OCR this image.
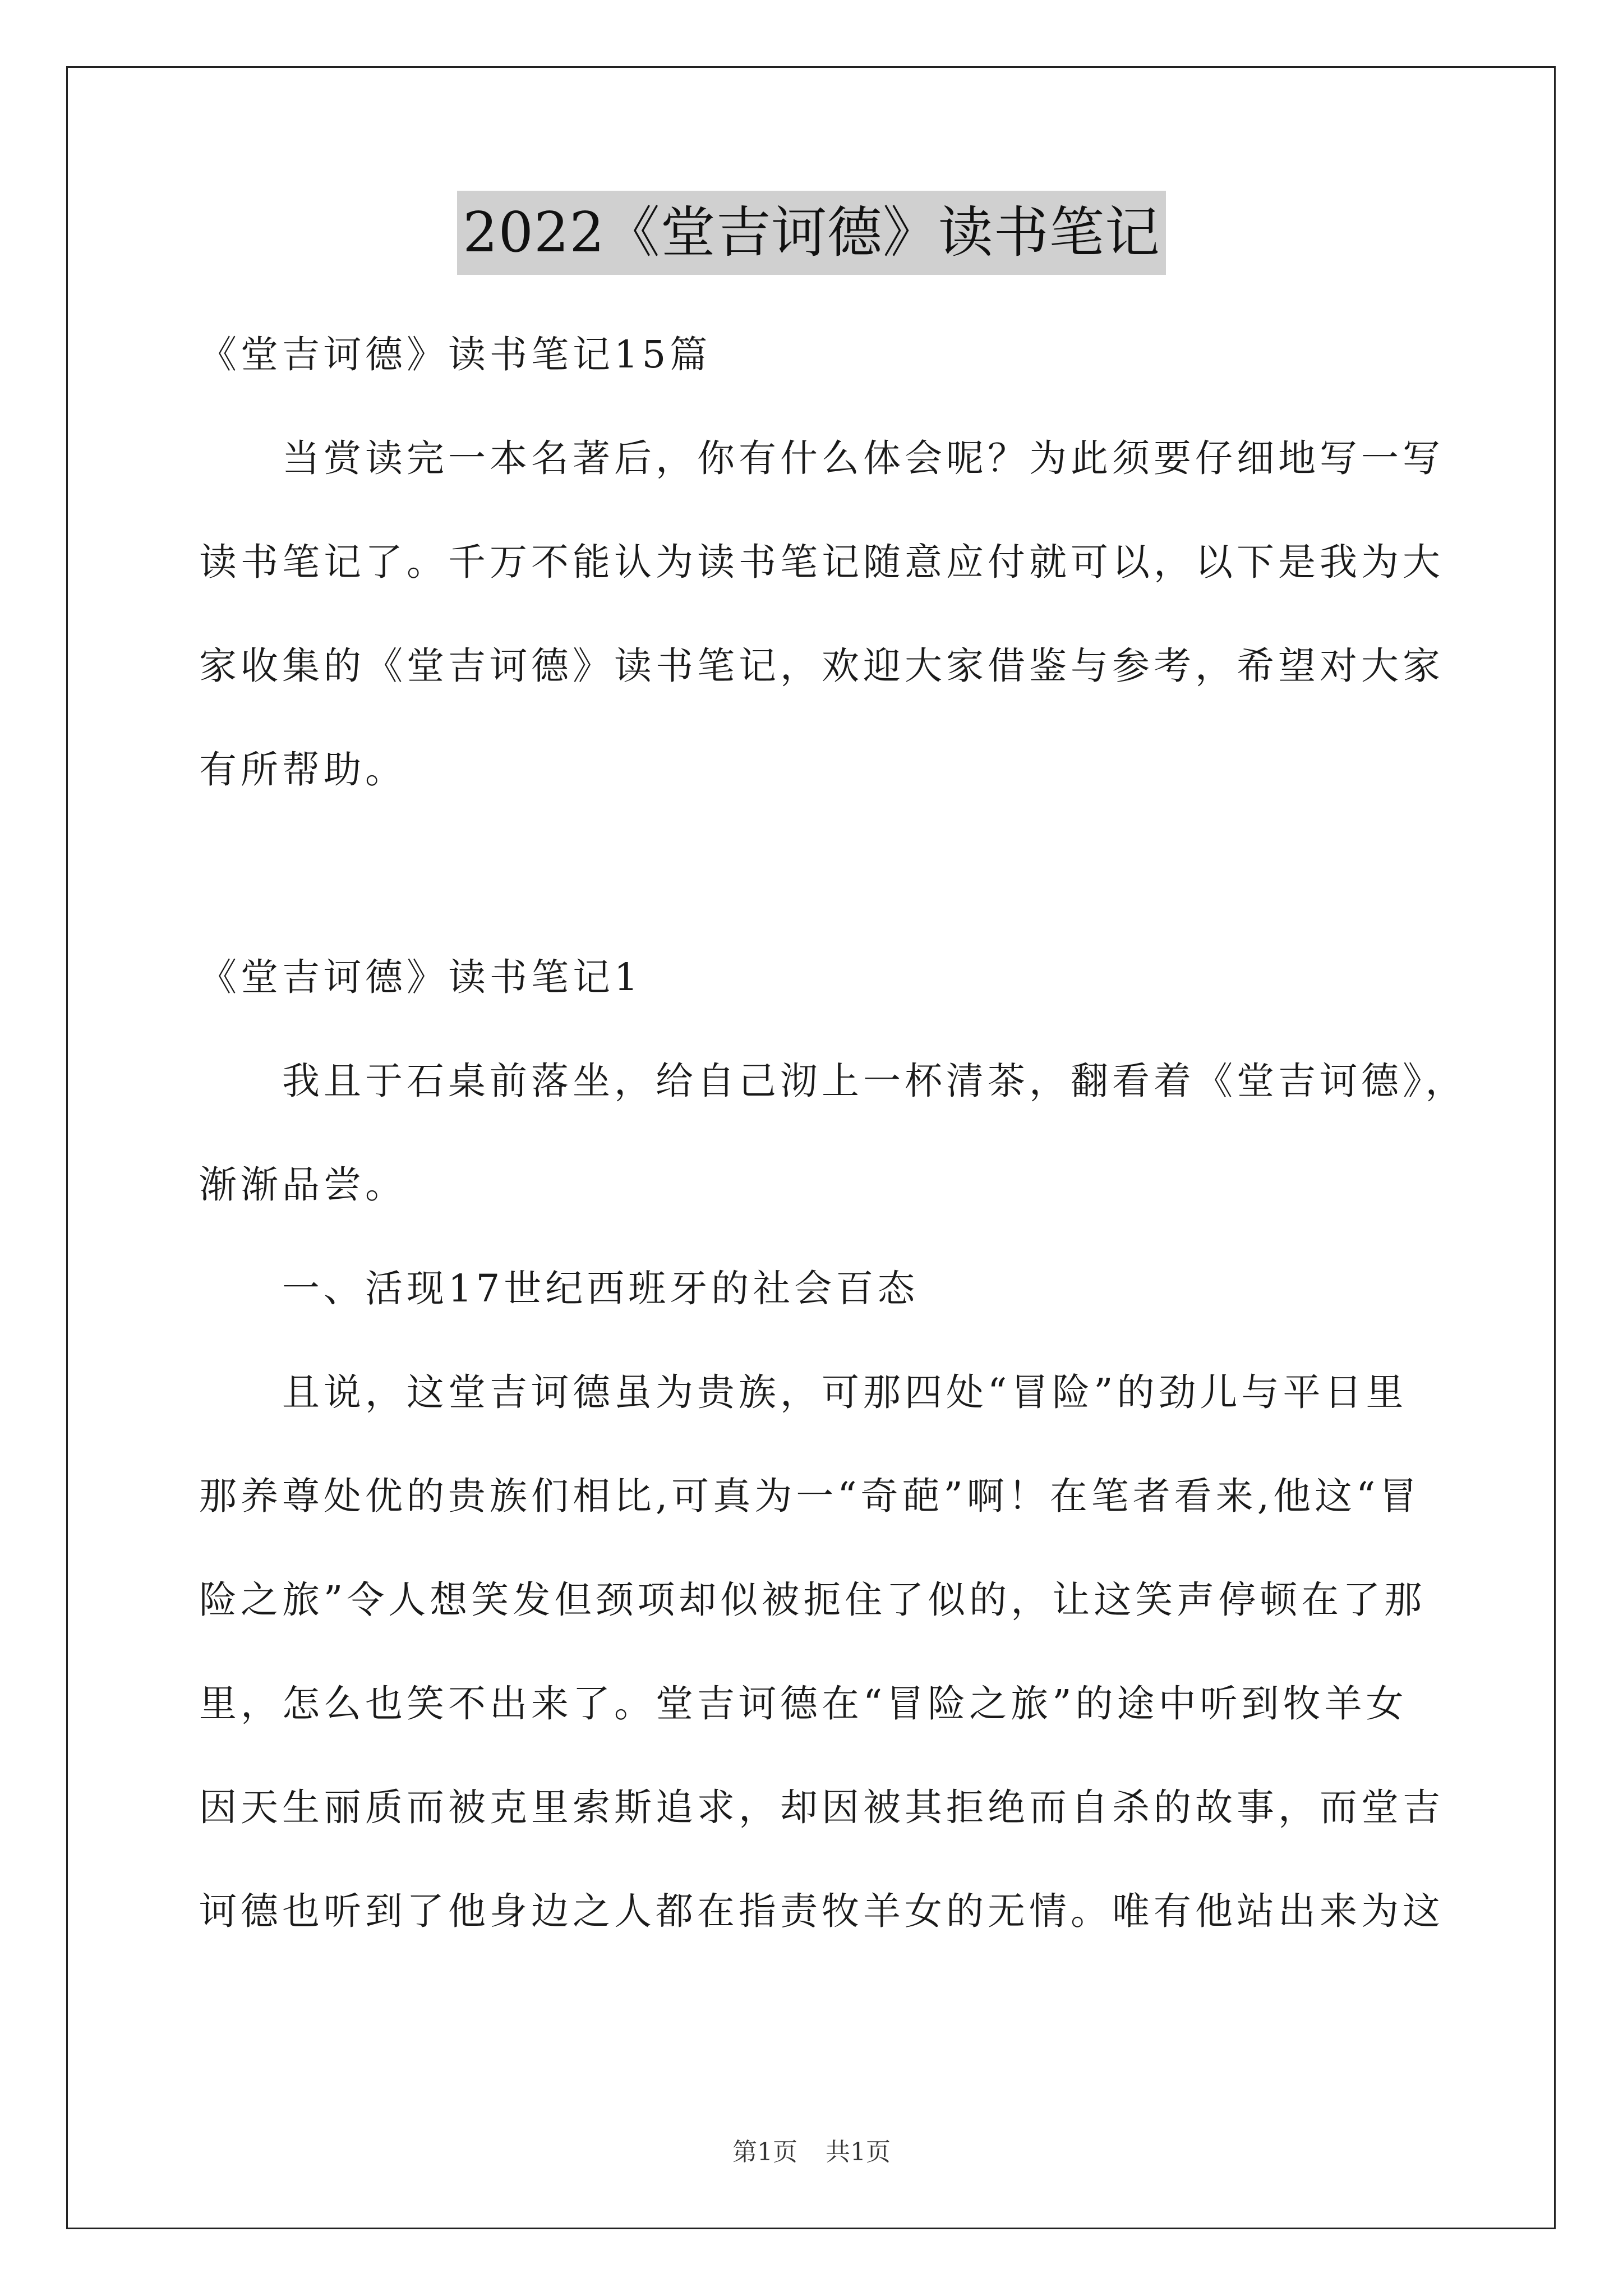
2022《堂吉诃德》读书笔记
《堂吉诃德》读书笔记15篇
当赏读完一本名著后，你有什么体会呢？为此须要仔细地写一写
读书笔记了。千万不能认为读书笔记随意应付就可以，以下是我为大
家收集的《堂吉诃德》读书笔记，欢迎大家借鉴与参考，希望对大家
有所帮助。
《堂吉诃德》读书笔记1
我且于石桌前落坐，给自己沏上一杯清茶，翻看着《堂吉诃德》，
渐渐品尝。
一、活现17世纪西班牙的社会百态
且说，这堂吉诃德虽为贵族，可那四处“冒险”的劲儿与平日里
那养尊处优的贵族们相比,可真为一“奇葩”啊！在笔者看来,他这“冒
险之旅”令人想笑发但颈项却似被扼住了似的，让这笑声停顿在了那
里，怎么也笑不出来了。堂吉诃德在“冒险之旅”的途中听到牧羊女
因天生丽质而被克里索斯追求，却因被其拒绝而自杀的故事，而堂吉
诃德也听到了他身边之人都在指责牧羊女的无情。唯有他站出来为这
第1页 共1页
